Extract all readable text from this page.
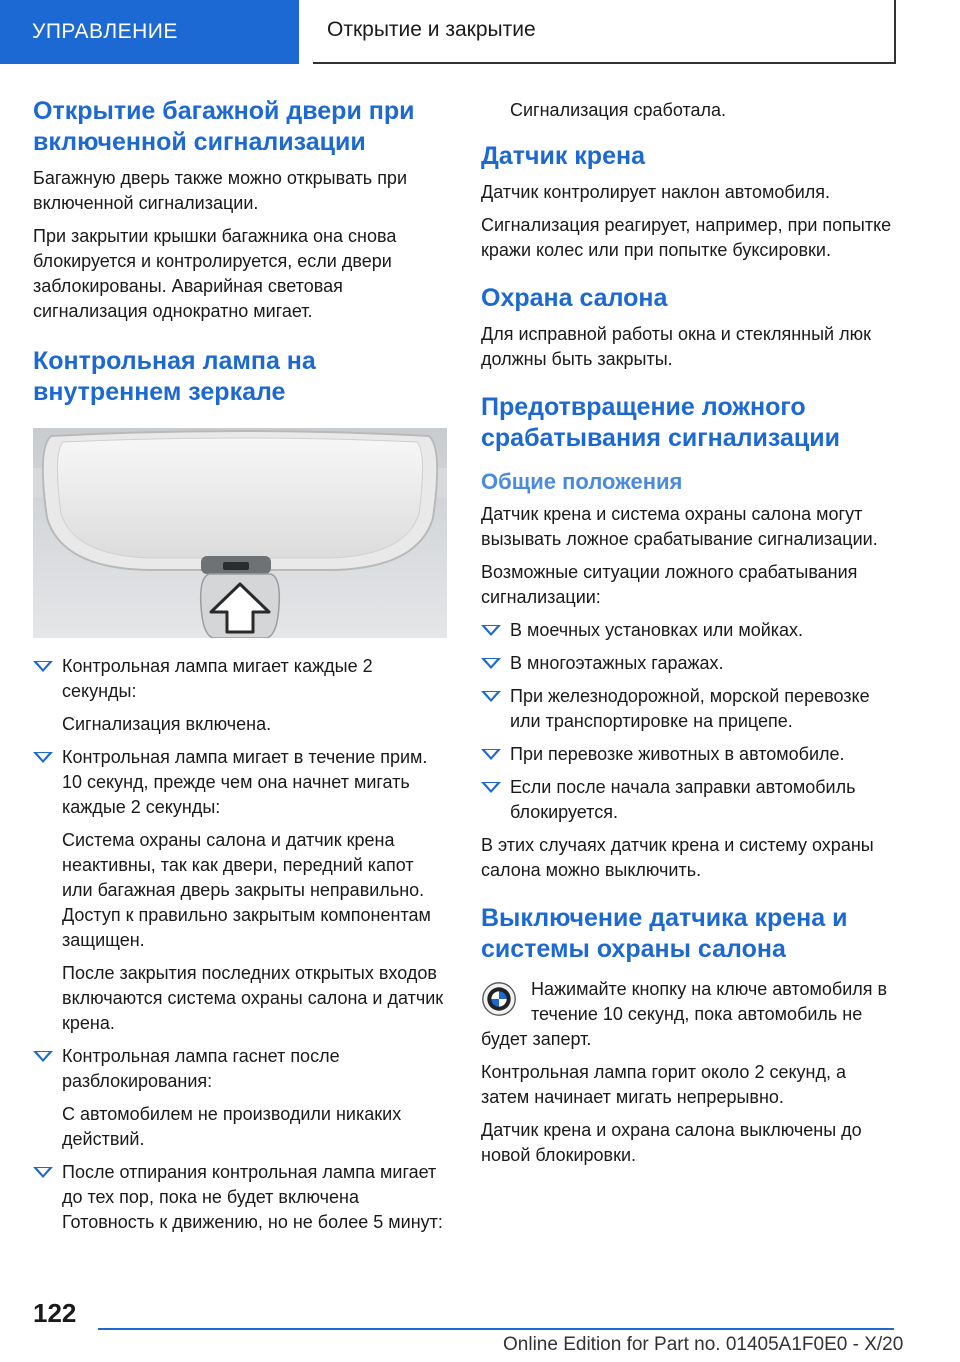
УПРАВЛЕНИЕ	Открытие и закрытие
Открытие багажной двери при включенной сигнализации

Багажную дверь также можно открывать при включенной сигнализации.

При закрытии крышки багажника она снова блокируется и контролируется, если двери заблокированы. Аварийная световая сигнализация однократно мигает.

Контрольная лампа на внутреннем зеркале
Контрольная лампа мигает каждые 2 секунды:

Сигнализация включена.

Контрольная лампа мигает в течение прим. 10 секунд, прежде чем она начнет мигать каждые 2 секунды:

Система охраны салона и датчик крена неактивны, так как двери, передний капот или багажная дверь закрыты неправильно. Доступ к правильно закрытым компонентам защищен.

После закрытия последних открытых входов включаются система охраны салона и датчик крена.

Контрольная лампа гаснет после разблокирования:

С автомобилем не производили никаких действий.

После отпирания контрольная лампа мигает до тех пор, пока не будет включена Готовность к движению, но не более 5 минут:

Сигнализация сработала.

Датчик крена

Датчик контролирует наклон автомобиля.

Сигнализация реагирует, например, при попытке кражи колес или при попытке буксировки.

Охрана салона

Для исправной работы окна и стеклянный люк должны быть закрыты.

Предотвращение ложного срабатывания сигнализации
Общие положения

Датчик крена и система охраны салона могут вызывать ложное срабатывание сигнализации.

Возможные ситуации ложного срабатывания сигнализации:

В моечных установках или мойках.
В многоэтажных гаражах.
При железнодорожной, морской перевозке или транспортировке на прицепе.
При перевозке животных в автомобиле.
Если после начала заправки автомобиль блокируется.

В этих случаях датчик крена и систему охраны салона можно выключить.

Выключение датчика крена и системы охраны салона

Нажимайте кнопку на ключе автомобиля в течение 10 секунд, пока автомобиль не будет заперт.

Контрольная лампа горит около 2 секунд, а затем начинает мигать непрерывно.

Датчик крена и охрана салона выключены до новой блокировки.

122
Online Edition for Part no. 01405A1F0E0 - X/20
